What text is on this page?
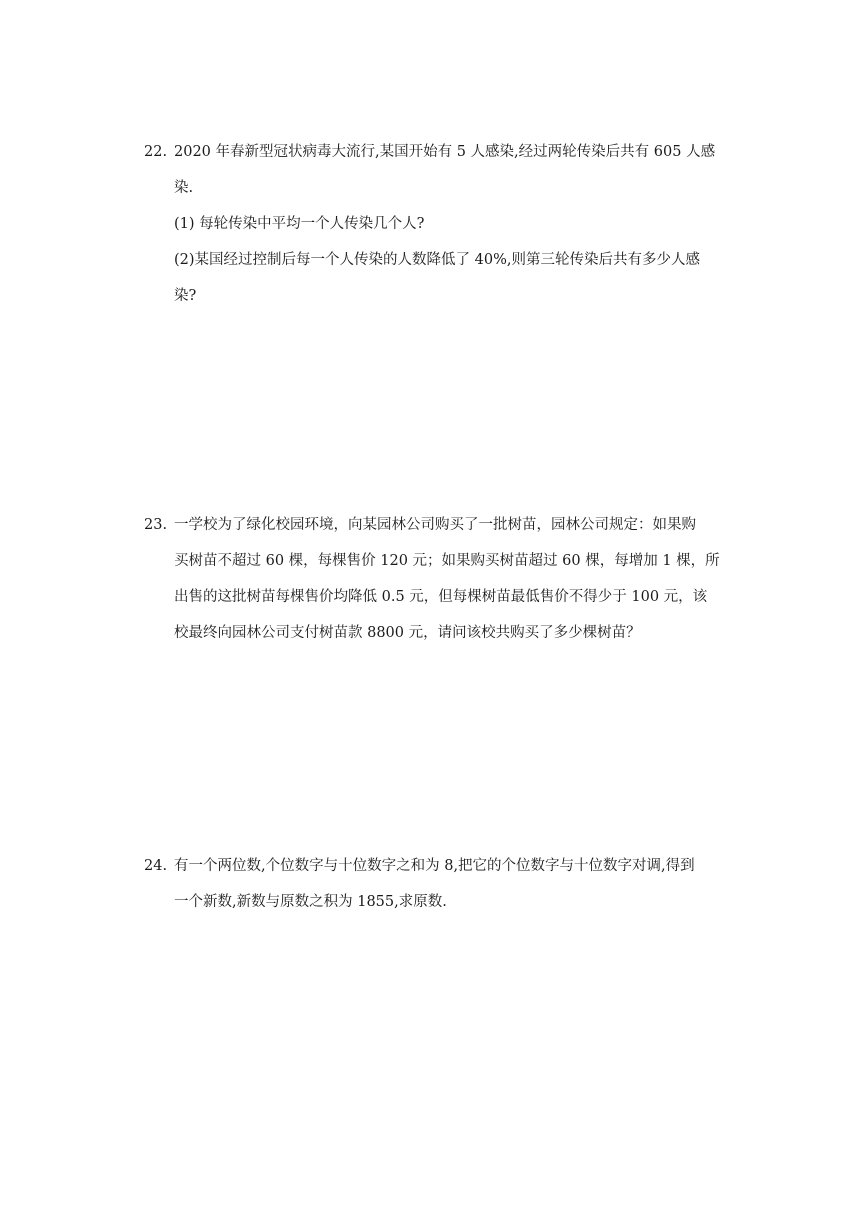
22. 2020 年春新型冠状病毒大流行,某国开始有 5 人感染,经过两轮传染后共有 605 人感
染.
(1) 每轮传染中平均一个人传染几个人?
(2)某国经过控制后每一个人传染的人数降低了 40%,则第三轮传染后共有多少人感
染?
23. 一学校为了绿化校园环境，向某园林公司购买了一批树苗，园林公司规定：如果购
买树苗不超过 60 棵，每棵售价 120 元；如果购买树苗超过 60 棵，每增加 1 棵，所
出售的这批树苗每棵售价均降低 0.5 元，但每棵树苗最低售价不得少于 100 元，该
校最终向园林公司支付树苗款 8800 元，请问该校共购买了多少棵树苗？
24. 有一个两位数,个位数字与十位数字之和为 8,把它的个位数字与十位数字对调,得到
一个新数,新数与原数之积为 1855,求原数.
